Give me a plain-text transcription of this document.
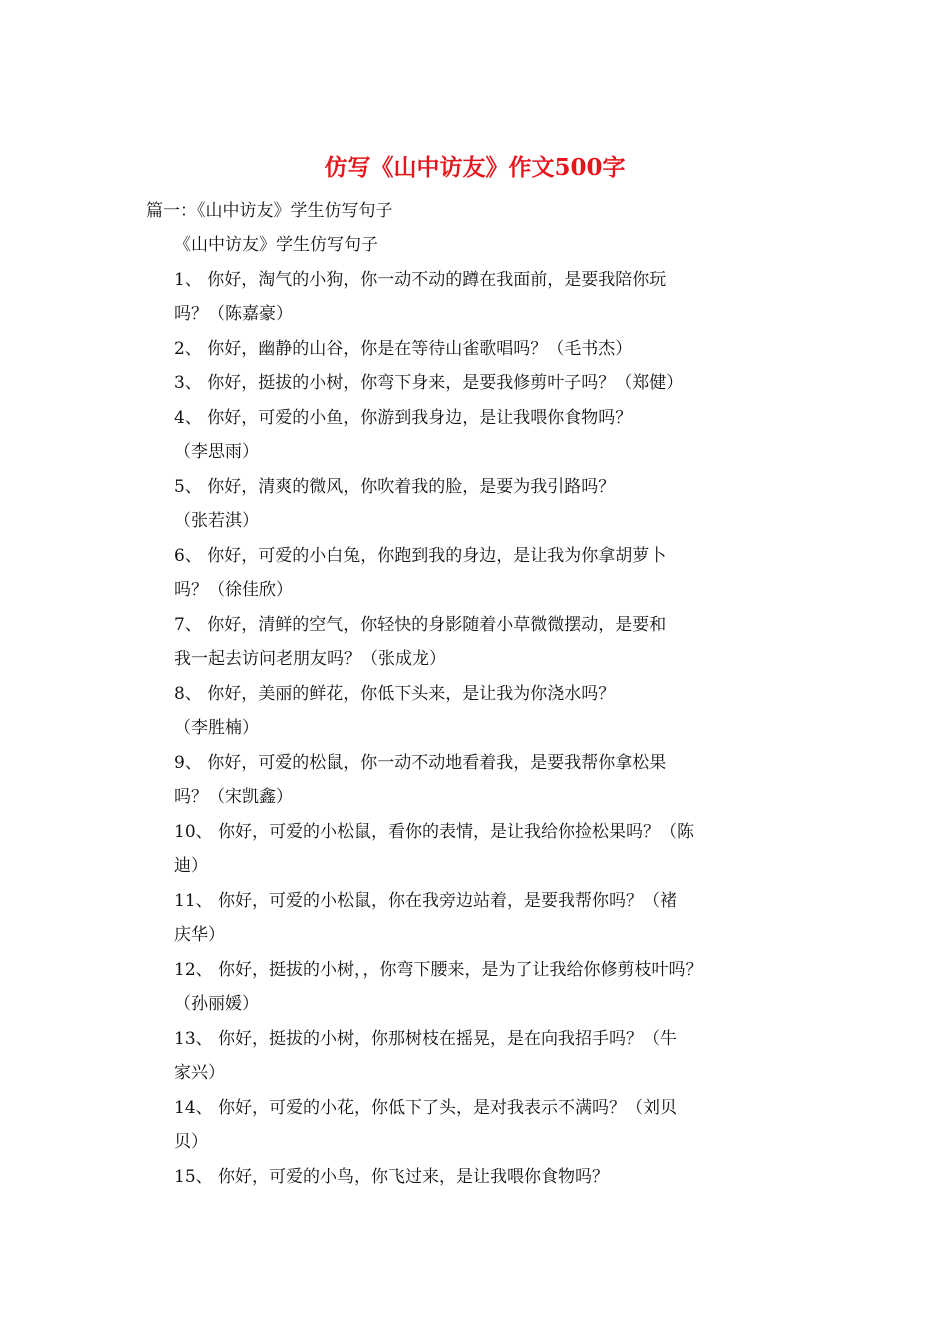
仿写《山中访友》作文500字
篇一：《山中访友》学生仿写句子
《山中访友》学生仿写句子
1、 你好，淘气的小狗，你一动不动的蹲在我面前，是要我陪你玩
吗？（陈嘉豪）
2、 你好，幽静的山谷，你是在等待山雀歌唱吗？（毛书杰）
3、 你好，挺拔的小树，你弯下身来，是要我修剪叶子吗？（郑健）
4、 你好，可爱的小鱼，你游到我身边，是让我喂你食物吗？
（李思雨）
5、 你好，清爽的微风，你吹着我的脸，是要为我引路吗？
（张若淇）
6、 你好，可爱的小白兔，你跑到我的身边，是让我为你拿胡萝卜
吗？（徐佳欣）
7、 你好，清鲜的空气，你轻快的身影随着小草微微摆动，是要和
我一起去访问老朋友吗？（张成龙）
8、 你好，美丽的鲜花，你低下头来，是让我为你浇水吗？
（李胜楠）
9、 你好，可爱的松鼠，你一动不动地看着我，是要我帮你拿松果
吗？（宋凯鑫）
10、 你好，可爱的小松鼠，看你的表情，是让我给你捡松果吗？（陈
迪）
11、 你好，可爱的小松鼠，你在我旁边站着，是要我帮你吗？（褚
庆华）
12、 你好，挺拔的小树，，你弯下腰来，是为了让我给你修剪枝叶吗？
（孙丽媛）
13、 你好，挺拔的小树，你那树枝在摇晃，是在向我招手吗？（牛
家兴）
14、 你好，可爱的小花，你低下了头，是对我表示不满吗？（刘贝
贝）
15、 你好，可爱的小鸟，你飞过来，是让我喂你食物吗？
